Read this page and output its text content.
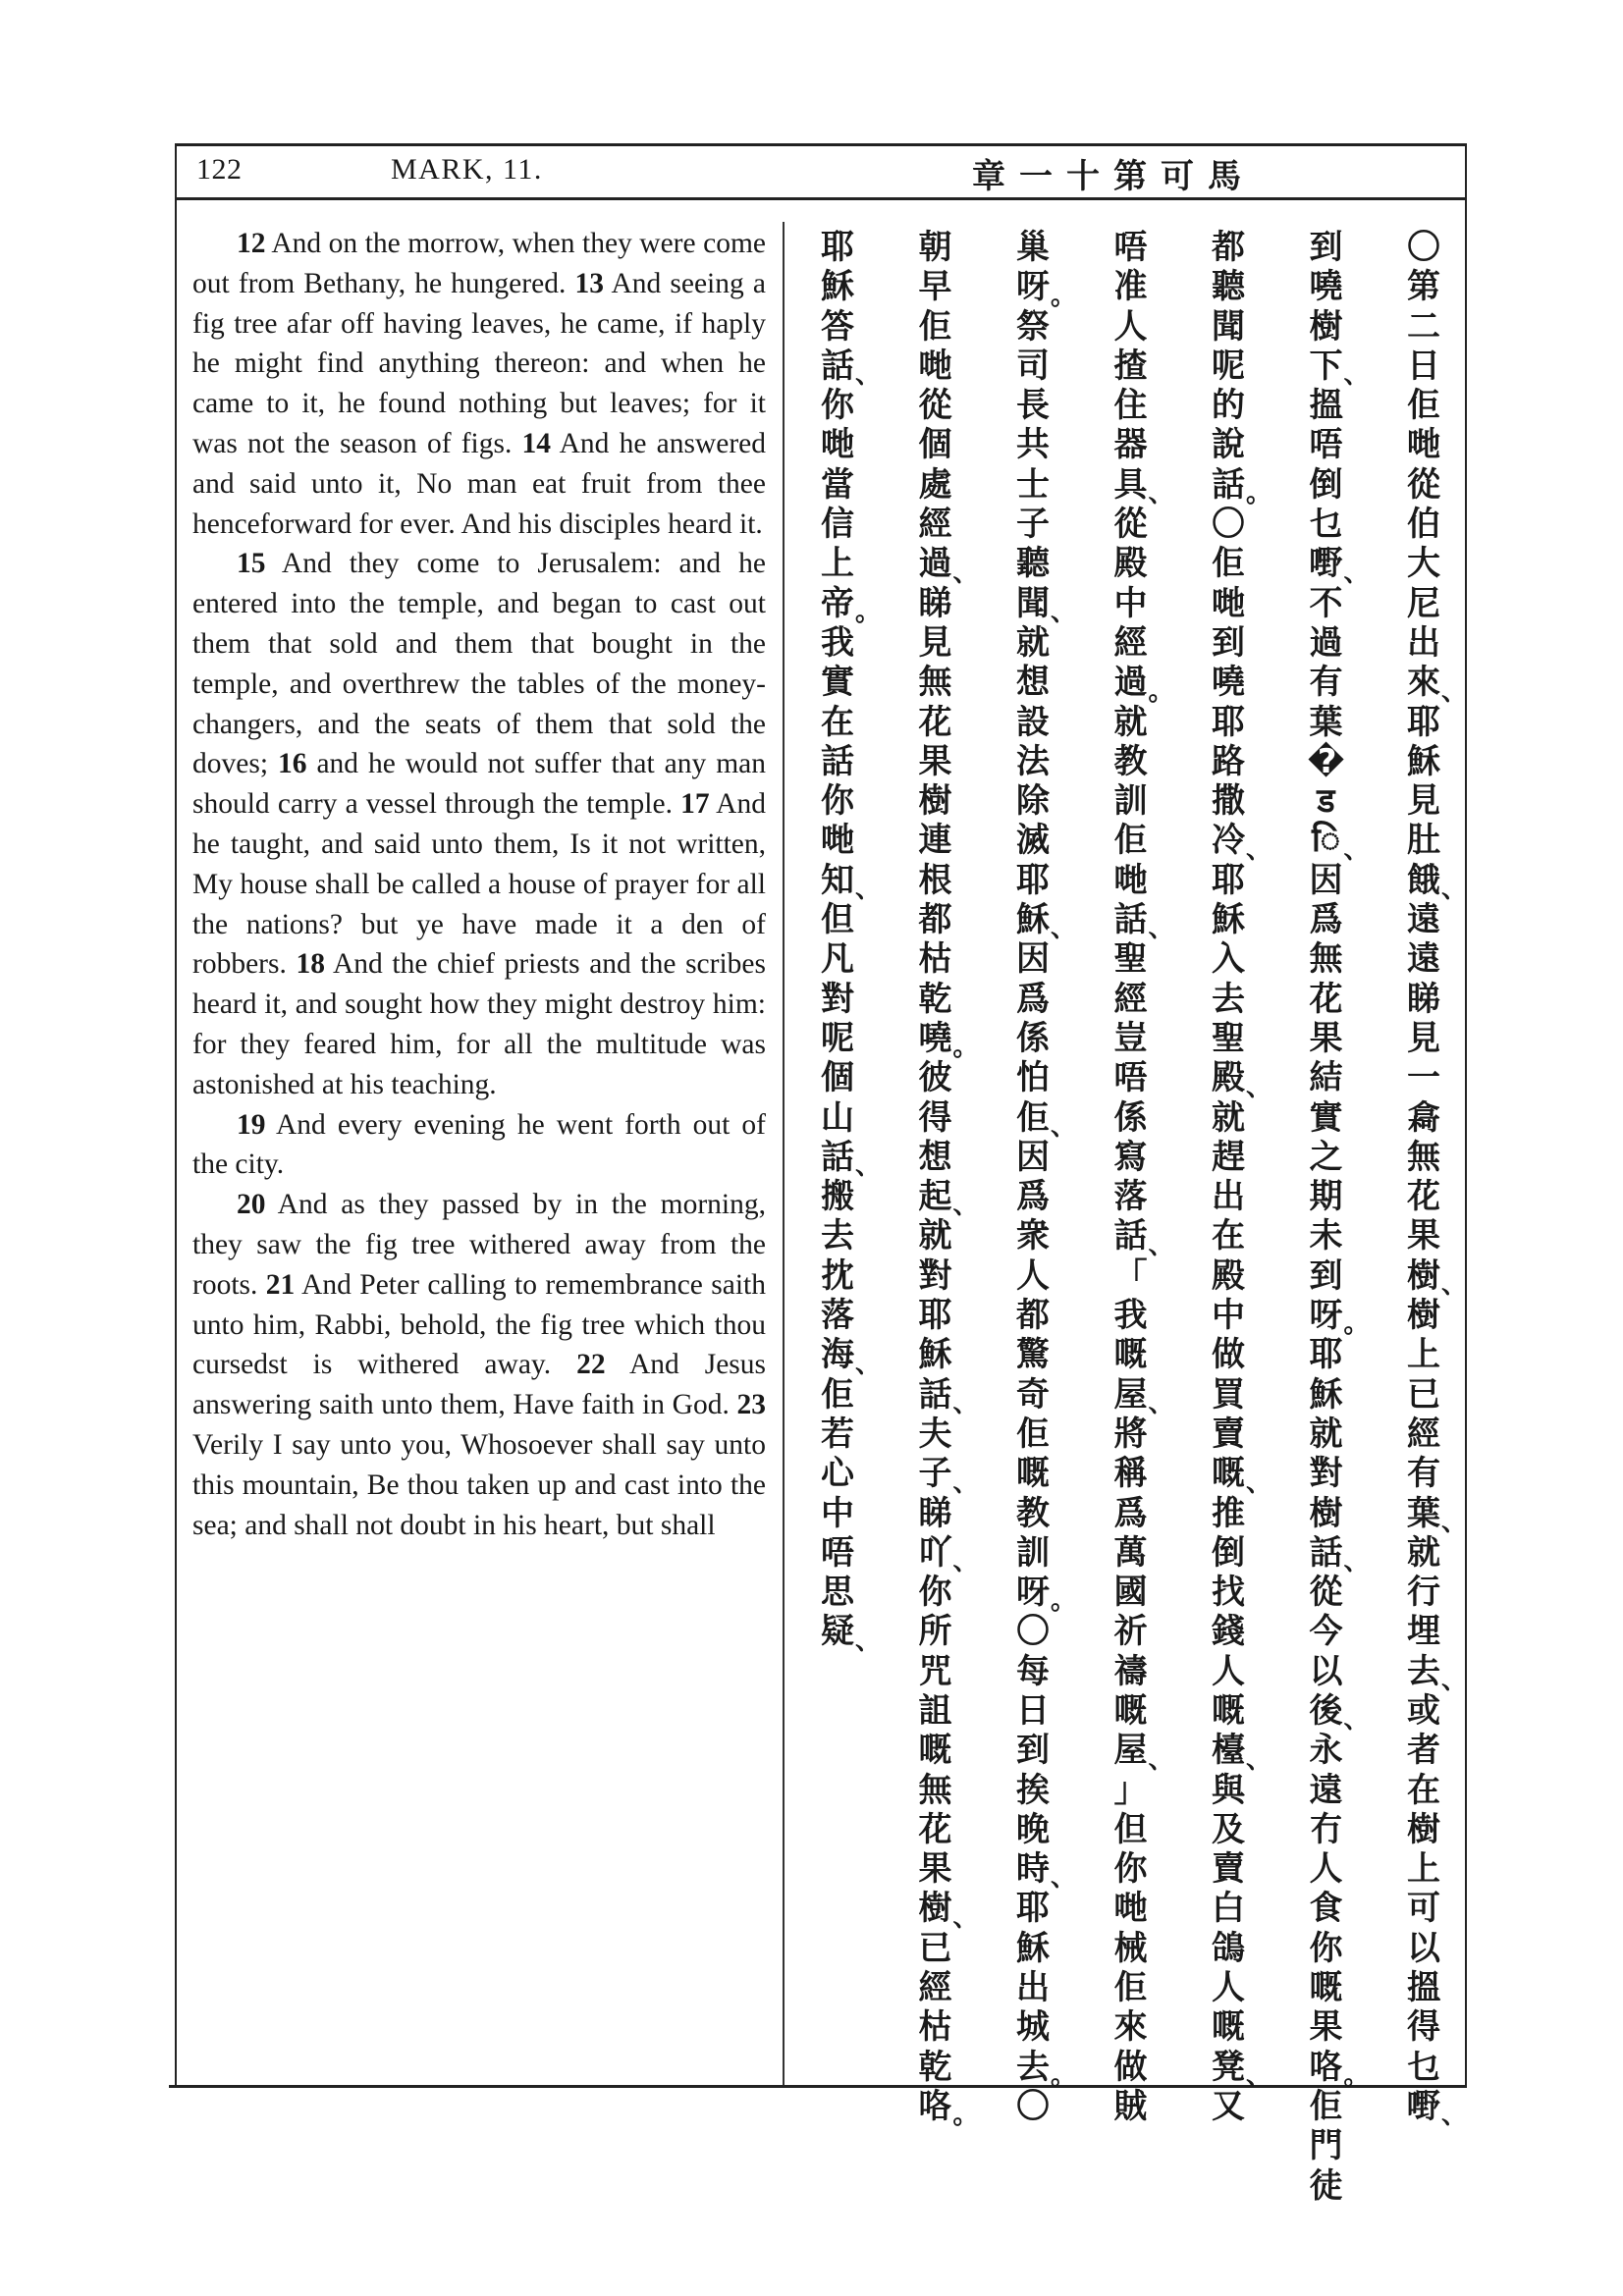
122	MARK, 11.	章一十第可馬

12 And on the morrow, when they were come out from Bethany, he hungered. 13 And seeing a fig tree afar off having leaves, he came, if haply he might find anything thereon: and when he came to it, he found nothing but leaves; for it was not the season of figs. 14 And he answered and said unto it, No man eat fruit from thee henceforward for ever. And his disciples heard it.

15 And they come to Jerusalem: and he entered into the temple, and began to cast out them that sold and them that bought in the temple, and overthrew the tables of the money-changers, and the seats of them that sold the doves; 16 and he would not suffer that any man should carry a vessel through the temple. 17 And he taught, and said unto them, Is it not written, My house shall be called a house of prayer for all the nations? but ye have made it a den of robbers. 18 And the chief priests and the scribes heard it, and sought how they might destroy him: for they feared him, for all the multitude was astonished at his teaching.

19 And every evening he went forth out of the city.

20 And as they passed by in the morning, they saw the fig tree withered away from the roots. 21 And Peter calling to remembrance saith unto him, Rabbi, behold, the fig tree which thou cursedst is withered away. 22 And Jesus answering saith unto them, Have faith in God. 23 Verily I say unto you, Whosoever shall say unto this mountain, Be thou taken up and cast into the sea; and shall not doubt in his heart, but shall

〇
第
二
日
佢
哋
從
伯
大
尼
出
來 、
耶
穌
見
肚
餓 、
遠
遠
睇
見
一
樖
無
花
果
樹 、
樹
上
已
經
有
葉 、
就
行
埋
去 、
或
者
在
樹
上
可
以
搵
得
乜
嘢 、
到
嘵
樹
下 、
搵
唔
倒
乜
嘢 、
不
過
有
葉
�
ड
ि 、
因
爲
無
花
果
結
實
之
期
未
到
呀 。
耶
穌
就
對
樹
話 、
從
今
以
後 、
永
遠
冇
人
食
你
嘅
果
咯 。
佢
門
徒
都
聽
聞
呢
的
說
話 。
〇
佢
哋
到
嘵
耶
路
撒
冷 、
耶
穌
入
去
聖
殿 、
就
趕
出
在
殿
中
做
買
賣
嘅 、
推
倒
找
錢
人
嘅
檯 、
與
及
賣
白
鴿
人
嘅
凳 、
又
唔
准
人
揸
住
器
具 、
從
殿
中
經
過 。
就
教
訓
佢
哋
話 、
聖
經
豈
唔
係
寫
落
話 、
「
我
嘅
屋 、
將
稱
爲
萬
國
祈
禱
嘅
屋 、
」
但
你
哋
械
佢
來
做
賊
巢
呀 。
祭
司
長
共
士
子
聽
聞 、
就
想
設
法
除
滅
耶
穌 、
因
爲
係
怕
佢 、
因
爲
衆
人
都
驚
奇
佢
嘅
教
訓
呀 。
〇
每
日
到
挨
晚
時 、
耶
穌
出
城
去 。
〇
朝
早
佢
哋
從
個
處
經
過 、
睇
見
無
花
果
樹
連
根
都
枯
乾
嘵 。
彼
得
想
起 、
就
對
耶
穌
話 、
夫
子 、
睇
吖 、
你
所
咒
詛
嘅
無
花
果
樹 、
已
經
枯
乾
咯 。
耶
穌
答
話 、
你
哋
當
信
上
帝 。
我
實
在
話
你
哋
知 、
但
凡
對
呢
個
山
話 、
搬
去
抌
落
海 、
佢
若
心
中
唔
思
疑 、
